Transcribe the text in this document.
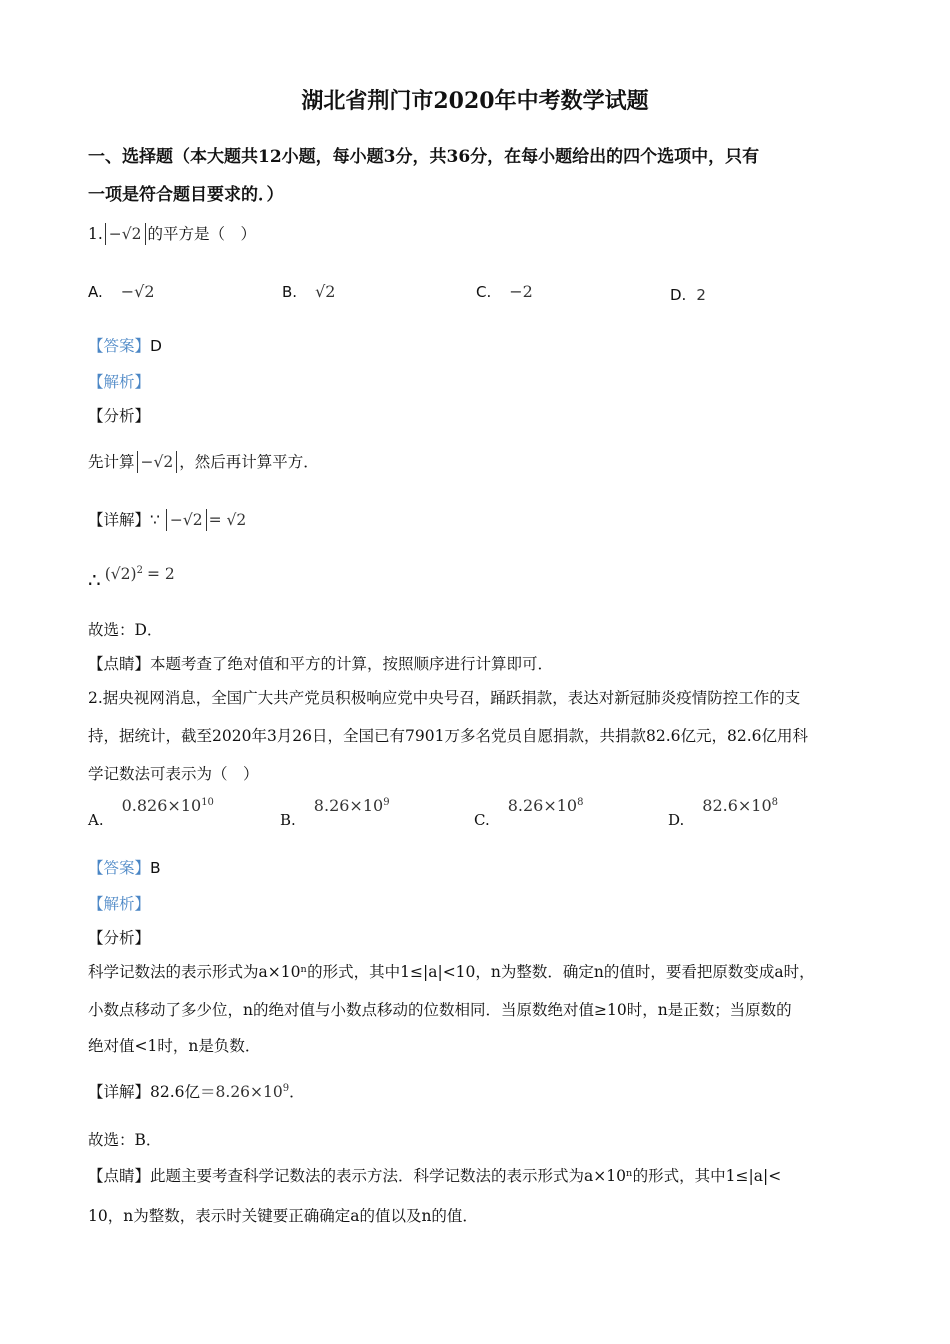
湖北省荆门市2020年中考数学试题
一、选择题（本大题共12小题，每小题3分，共36分，在每小题给出的四个选项中，只有
一项是符合题目要求的．）
1. −√2 的平方是（　）
A. −√2	B. √2	C. −2	D. 2
【答案】D
【解析】
【分析】
先计算 −√2 ，然后再计算平方．
【详解】∵ −√2 = √2
∴ $(√2)^2 = 2$
故选：D．
【点睛】本题考查了绝对值和平方的计算，按照顺序进行计算即可．
2.据央视网消息，全国广大共产党员积极响应党中央号召，踊跃捐款，表达对新冠肺炎疫情防控工作的支
持，据统计，截至2020年3月26日，全国已有7901万多名党员自愿捐款，共捐款82.6亿元，82.6亿用科
学记数法可表示为（　）
$A.0.826\times 10^{10}$
$B.8.26\times 10^9$
$C.8.26\times 10^8$
$D.82.6\times 10^8$
【答案】B
【解析】
【分析】
科学记数法的表示形式为a×10ⁿ的形式，其中1≤|a|<10，n为整数．确定n的值时，要看把原数变成a时，
小数点移动了多少位，n的绝对值与小数点移动的位数相同．当原数绝对值≥10时，n是正数；当原数的
绝对值<1时，n是负数．
【详解】82.6亿$=8.26\times 10^9$．
故选：B．
【点睛】此题主要考查科学记数法的表示方法．科学记数法的表示形式为a×10ⁿ的形式，其中1≤|a|<
10，n为整数，表示时关键要正确确定a的值以及n的值．
